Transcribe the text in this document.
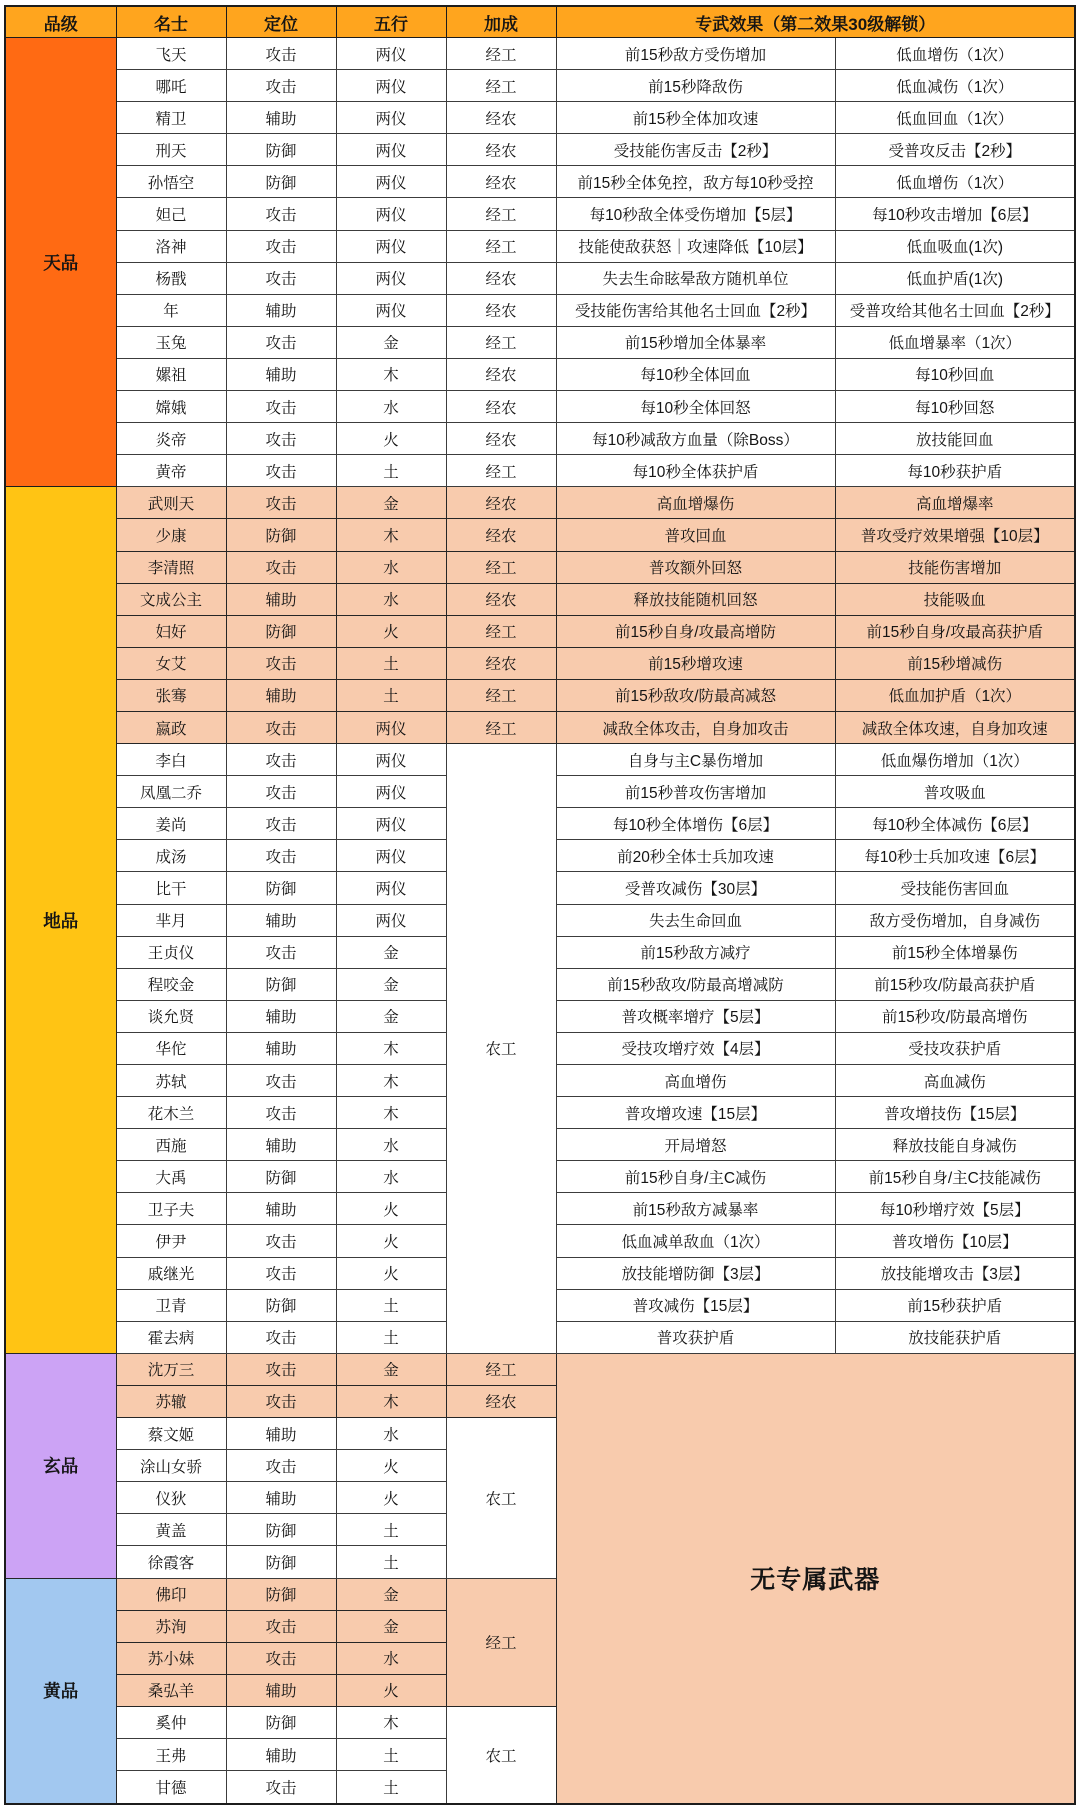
品级	名士	定位	五行	加成	专武效果（第二效果30级解锁）	
天品	飞天	攻击	两仪	经工	前15秒敌方受伤增加	低血增伤（1次）
	哪吒	攻击	两仪	经工	前15秒降敌伤	低血减伤（1次）
	精卫	辅助	两仪	经农	前15秒全体加攻速	低血回血（1次）
	刑天	防御	两仪	经农	受技能伤害反击【2秒】	受普攻反击【2秒】
	孙悟空	防御	两仪	经农	前15秒全体免控，敌方每10秒受控	低血增伤（1次）
	妲己	攻击	两仪	经工	每10秒敌全体受伤增加【5层】	每10秒攻击增加【6层】
	洛神	攻击	两仪	经工	技能使敌获怒｜攻速降低【10层】	低血吸血(1次)
	杨戬	攻击	两仪	经农	失去生命眩晕敌方随机单位	低血护盾(1次)
	年	辅助	两仪	经农	受技能伤害给其他名士回血【2秒】	受普攻给其他名士回血【2秒】
	玉兔	攻击	金	经工	前15秒增加全体暴率	低血增暴率（1次）
	嫘祖	辅助	木	经农	每10秒全体回血	每10秒回血
	嫦娥	攻击	水	经农	每10秒全体回怒	每10秒回怒
	炎帝	攻击	火	经农	每10秒减敌方血量（除Boss）	放技能回血
	黄帝	攻击	土	经工	每10秒全体获护盾	每10秒获护盾
地品	武则天	攻击	金	经农	高血增爆伤	高血增爆率
	少康	防御	木	经农	普攻回血	普攻受疗效果增强【10层】
	李清照	攻击	水	经工	普攻额外回怒	技能伤害增加
	文成公主	辅助	水	经农	释放技能随机回怒	技能吸血
	妇好	防御	火	经工	前15秒自身/攻最高增防	前15秒自身/攻最高获护盾
	女艾	攻击	土	经农	前15秒增攻速	前15秒增减伤
	张骞	辅助	土	经工	前15秒敌攻/防最高减怒	低血加护盾（1次）
	嬴政	攻击	两仪	经工	减敌全体攻击，自身加攻击	减敌全体攻速，自身加攻速
	李白	攻击	两仪	农工	自身与主C暴伤增加	低血爆伤增加（1次）
	凤凰二乔	攻击	两仪		前15秒普攻伤害增加	普攻吸血
	姜尚	攻击	两仪		每10秒全体增伤【6层】	每10秒全体减伤【6层】
	成汤	攻击	两仪		前20秒全体士兵加攻速	每10秒士兵加攻速【6层】
	比干	防御	两仪		受普攻减伤【30层】	受技能伤害回血
	芈月	辅助	两仪		失去生命回血	敌方受伤增加，自身减伤
	王贞仪	攻击	金		前15秒敌方减疗	前15秒全体增暴伤
	程咬金	防御	金		前15秒敌攻/防最高增减防	前15秒攻/防最高获护盾
	谈允贤	辅助	金		普攻概率增疗【5层】	前15秒攻/防最高增伤
	华佗	辅助	木		受技攻增疗效【4层】	受技攻获护盾
	苏轼	攻击	木		高血增伤	高血减伤
	花木兰	攻击	木		普攻增攻速【15层】	普攻增技伤【15层】
	西施	辅助	水		开局增怒	释放技能自身减伤
	大禹	防御	水		前15秒自身/主C减伤	前15秒自身/主C技能减伤
	卫子夫	辅助	火		前15秒敌方减暴率	每10秒增疗效【5层】
	伊尹	攻击	火		低血减单敌血（1次）	普攻增伤【10层】
	戚继光	攻击	火		放技能增防御【3层】	放技能增攻击【3层】
	卫青	防御	土		普攻减伤【15层】	前15秒获护盾
	霍去病	攻击	土		普攻获护盾	放技能获护盾
玄品	沈万三	攻击	金	经工	无专属武器	
	苏辙	攻击	木	经农		
	蔡文姬	辅助	水	农工		
	涂山女骄	攻击	火			
	仪狄	辅助	火			
	黄盖	防御	土			
	徐霞客	防御	土			
黄品	佛印	防御	金	经工		
	苏洵	攻击	金			
	苏小妹	攻击	水			
	桑弘羊	辅助	火			
	奚仲	防御	木	农工		
	王弗	辅助	土			
	甘德	攻击	土			
